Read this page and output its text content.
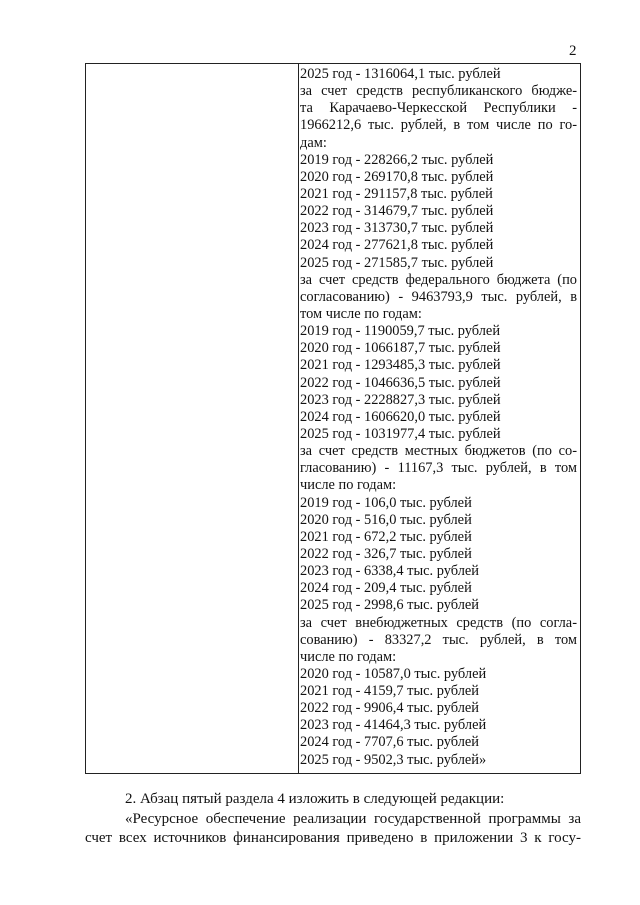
2
2025 год - 1316064,1 тыс. рублей
за счет средств республиканского бюдже-
та Карачаево-Черкесской Республики -
1966212,6 тыс. рублей, в том числе по го-
дам:
2019 год - 228266,2 тыс. рублей
2020 год - 269170,8 тыс. рублей
2021 год - 291157,8 тыс. рублей
2022 год - 314679,7 тыс. рублей
2023 год - 313730,7 тыс. рублей
2024 год - 277621,8 тыс. рублей
2025 год - 271585,7 тыс. рублей
за счет средств федерального бюджета (по
согласованию) - 9463793,9 тыс. рублей, в
том числе по годам:
2019 год - 1190059,7 тыс. рублей
2020 год - 1066187,7 тыс. рублей
2021 год - 1293485,3 тыс. рублей
2022 год - 1046636,5 тыс. рублей
2023 год - 2228827,3 тыс. рублей
2024 год - 1606620,0 тыс. рублей
2025 год - 1031977,4 тыс. рублей
за счет средств местных бюджетов (по со-
гласованию) - 11167,3 тыс. рублей, в том
числе по годам:
2019 год - 106,0 тыс. рублей
2020 год - 516,0 тыс. рублей
2021 год - 672,2 тыс. рублей
2022 год - 326,7 тыс. рублей
2023 год - 6338,4 тыс. рублей
2024 год - 209,4 тыс. рублей
2025 год - 2998,6 тыс. рублей
за счет внебюджетных средств (по согла-
сованию) - 83327,2 тыс. рублей, в том
числе по годам:
2020 год - 10587,0 тыс. рублей
2021 год - 4159,7 тыс. рублей
2022 год - 9906,4 тыс. рублей
2023 год - 41464,3 тыс. рублей
2024 год - 7707,6 тыс. рублей
2025 год - 9502,3 тыс. рублей»
2. Абзац пятый раздела 4 изложить в следующей редакции:
«Ресурсное обеспечение реализации государственной программы за
счет всех источников финансирования приведено в приложении 3 к госу-
